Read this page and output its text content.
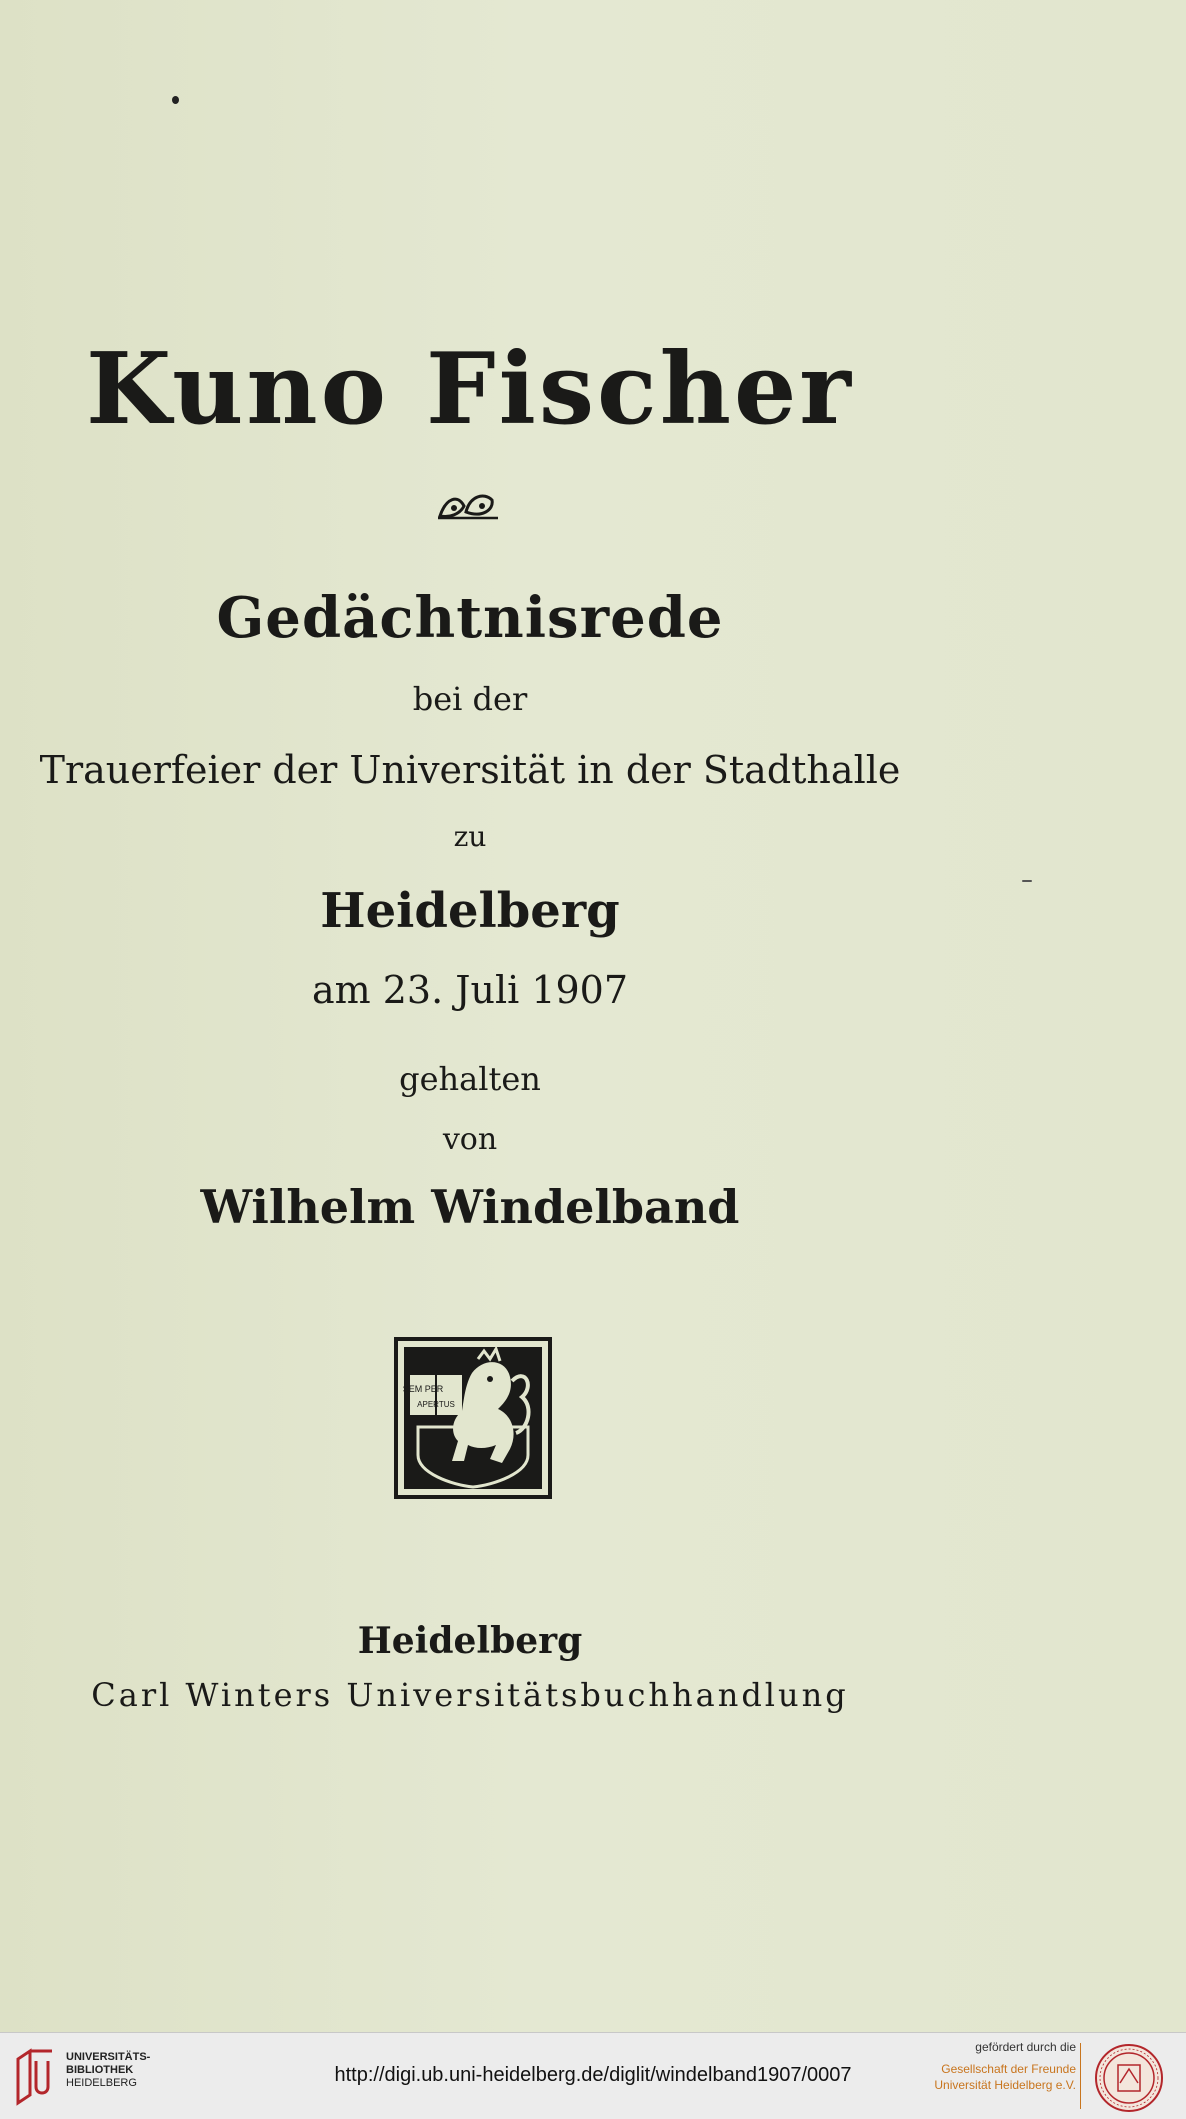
Kuno Fischer
Gedächtnisrede
bei der
Trauerfeier der Universität in der Stadthalle
zu
Heidelberg
am 23. Juli 1907
gehalten
von
Wilhelm Windelband
SEM PER
APERTUS
Heidelberg
Carl Winters Universitätsbuchhandlung
UNIVERSITÄTS-
BIBLIOTHEK
HEIDELBERG	http://digi.ub.uni-heidelberg.de/diglit/windelband1907/0007
gefördert durch die
Gesellschaft der Freunde
Universität Heidelberg e.V.
